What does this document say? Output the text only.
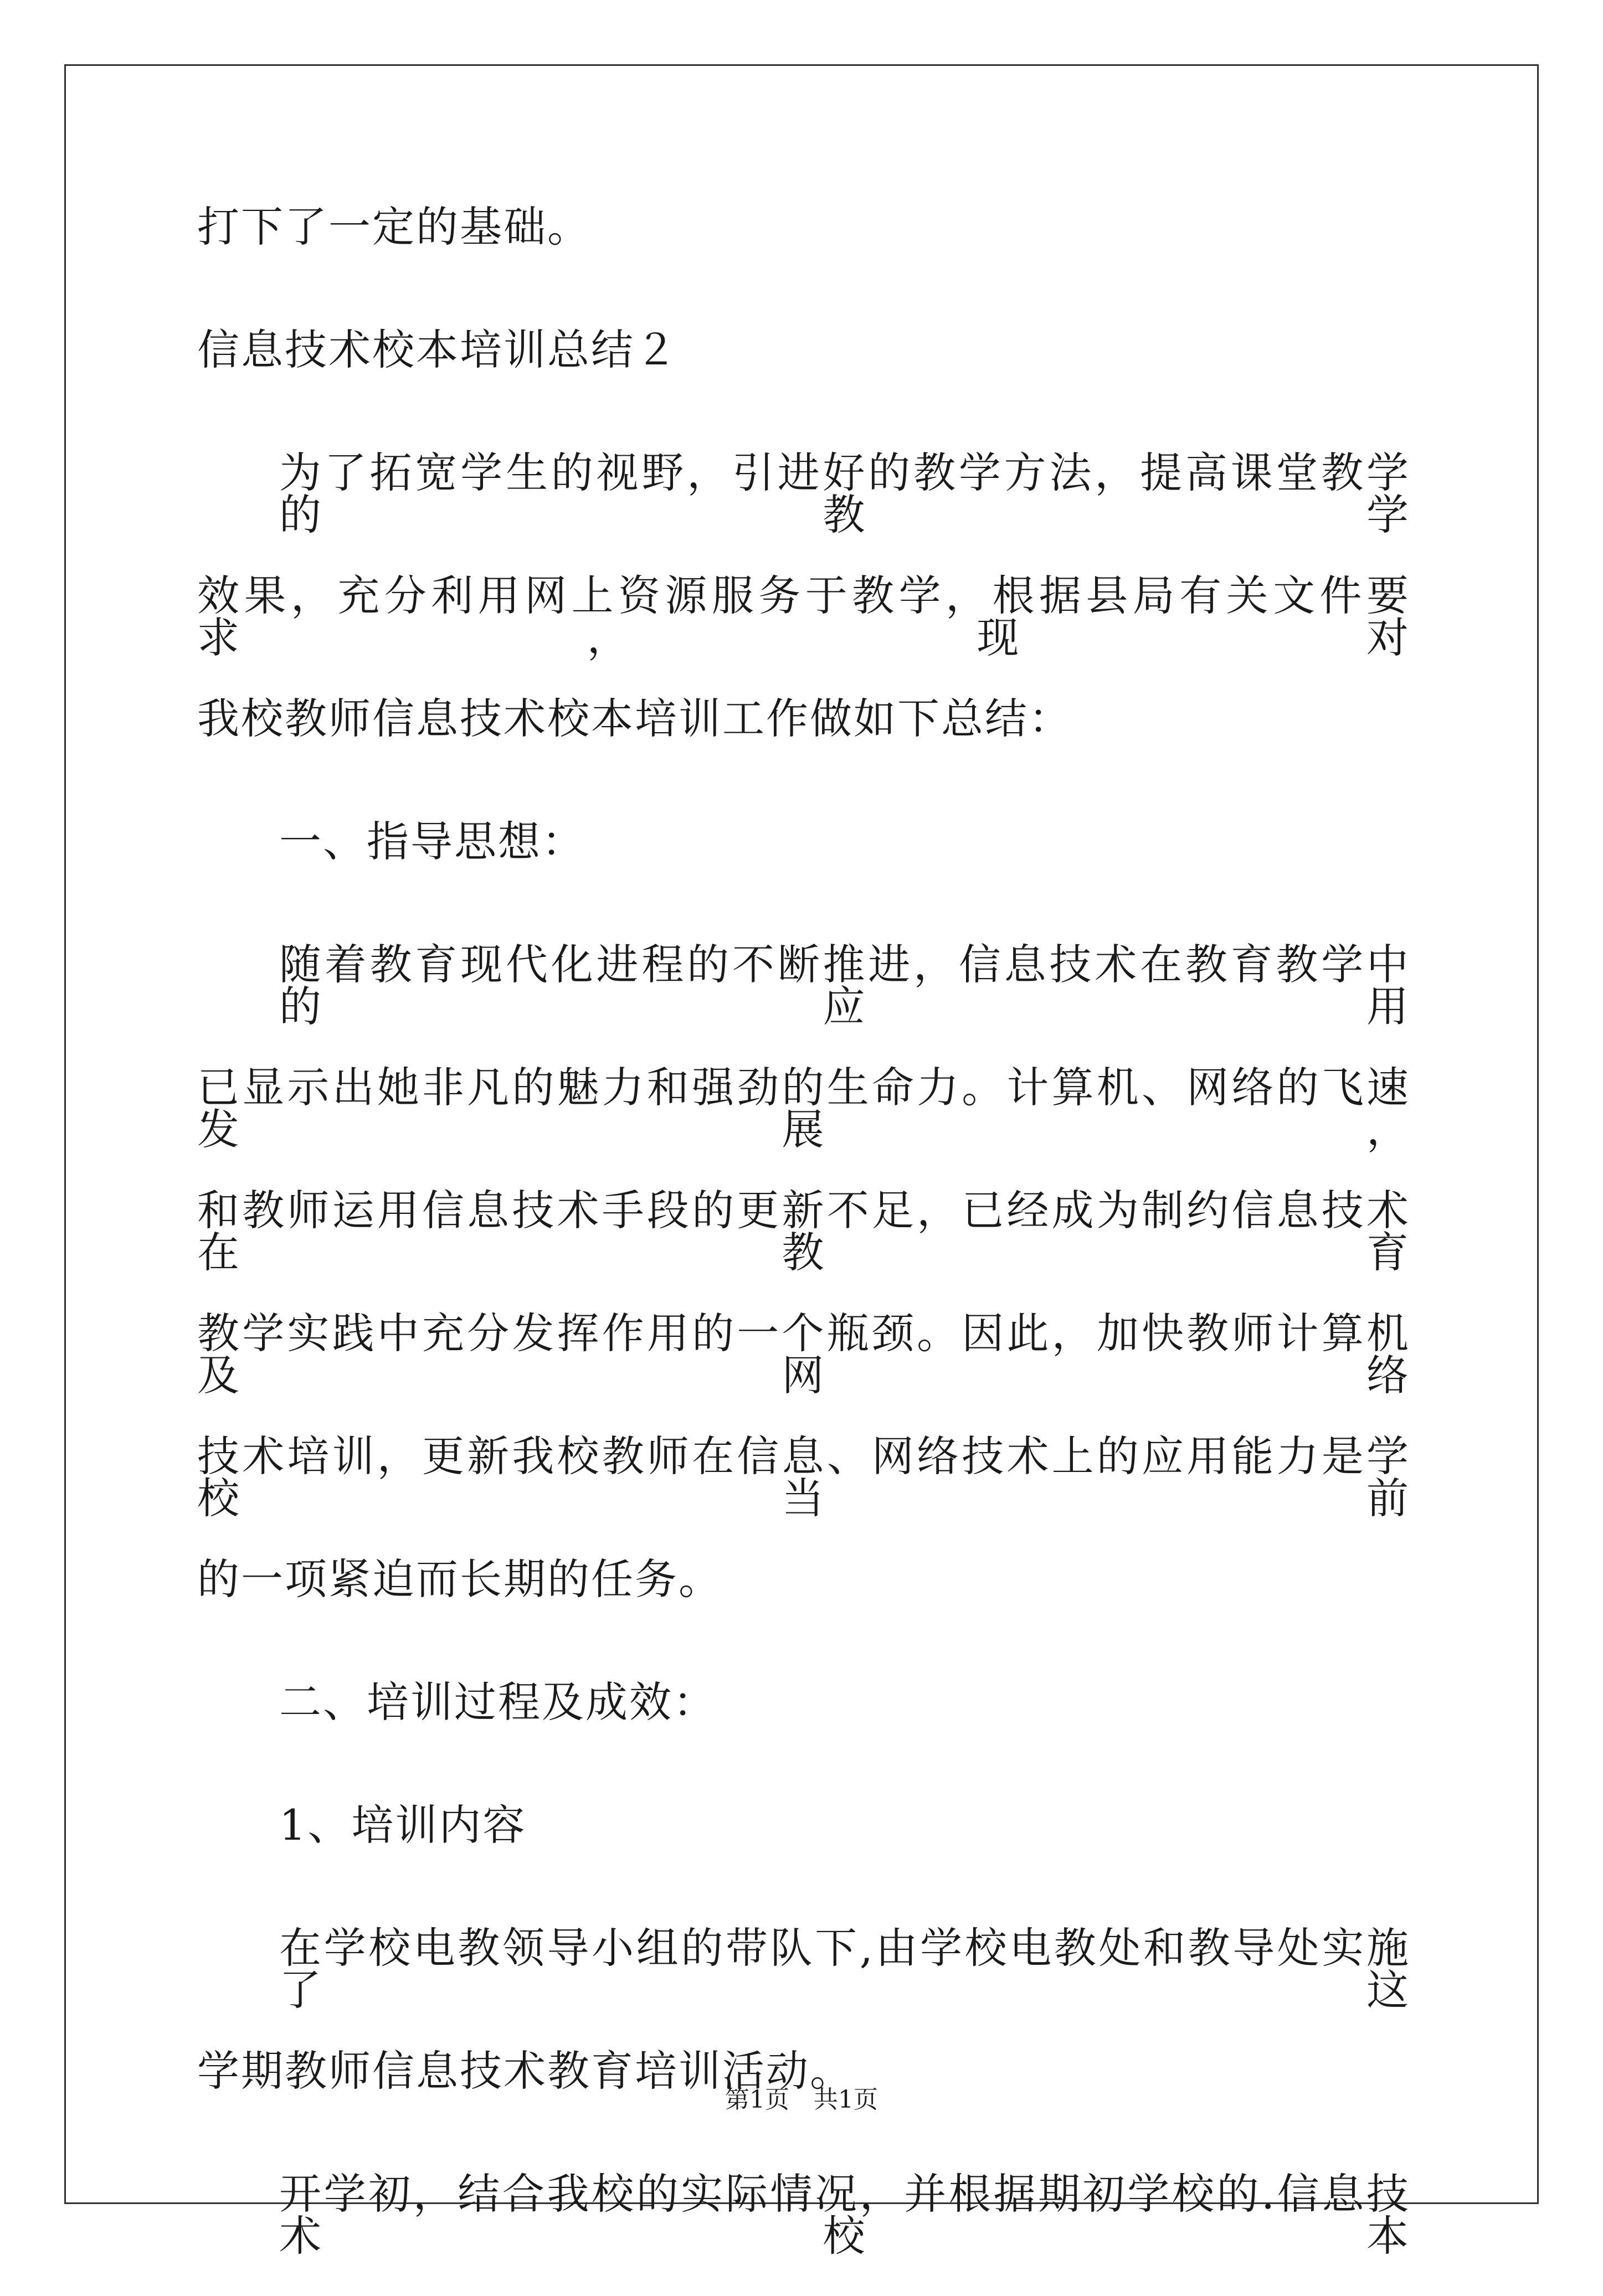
打下了一定的基础。
信息技术校本培训总结２
为了拓宽学生的视野，引进好的教学方法，提高课堂教学的教学
效果，充分利用网上资源服务于教学，根据县局有关文件要求，现对
我校教师信息技术校本培训工作做如下总结：
一、指导思想：
随着教育现代化进程的不断推进，信息技术在教育教学中的应用
已显示出她非凡的魅力和强劲的生命力。计算机、网络的飞速发展，
和教师运用信息技术手段的更新不足，已经成为制约信息技术在教育
教学实践中充分发挥作用的一个瓶颈。因此，加快教师计算机及网络
技术培训，更新我校教师在信息、网络技术上的应用能力是学校当前
的一项紧迫而长期的任务。
二、培训过程及成效：
1、培训内容
在学校电教领导小组的带队下,由学校电教处和教导处实施了这
学期教师信息技术教育培训活动。
开学初，结合我校的实际情况，并根据期初学校的.信息技术校本
第1页　共1页
